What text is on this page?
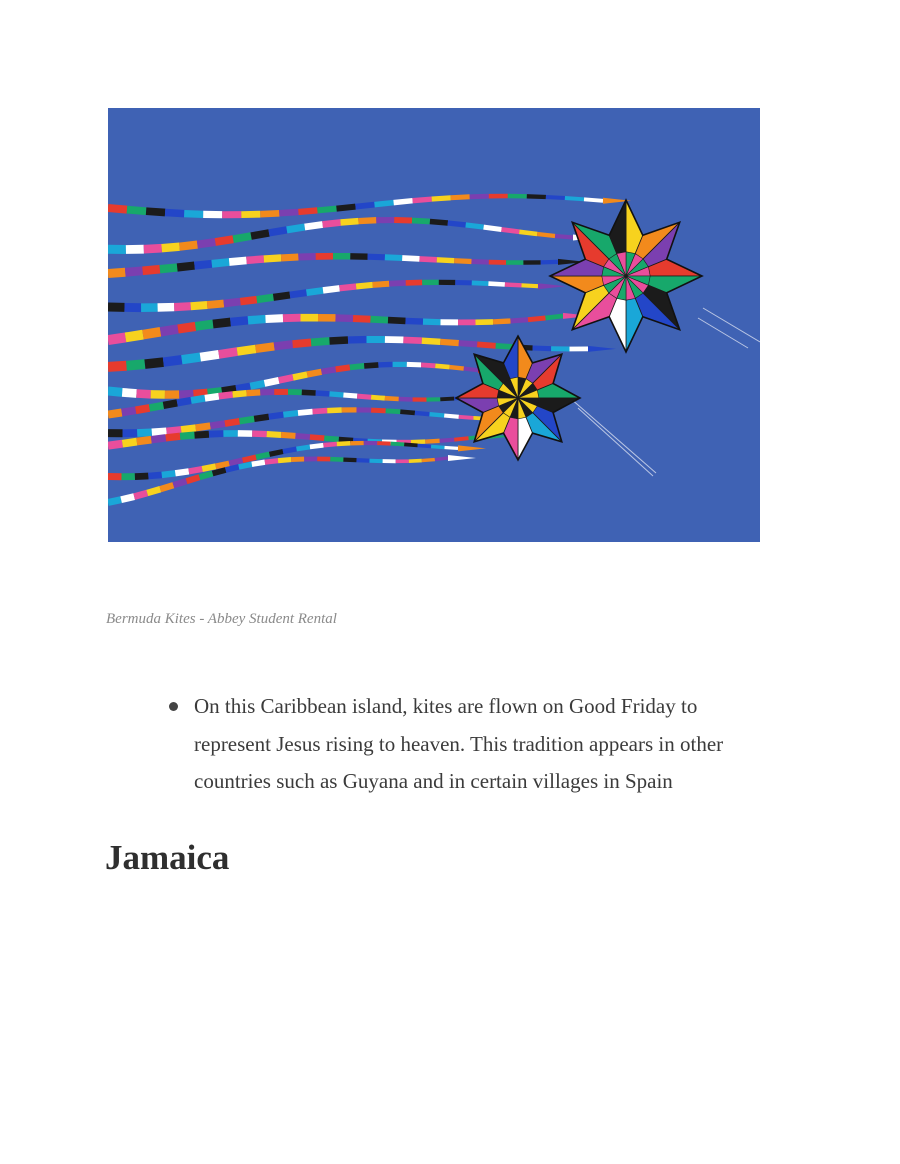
Bermuda Kites - Abbey Student Rental
On this Caribbean island, kites are flown on Good Friday to
represent Jesus rising to heaven. This tradition appears in other
countries such as Guyana and in certain villages in Spain
Jamaica
